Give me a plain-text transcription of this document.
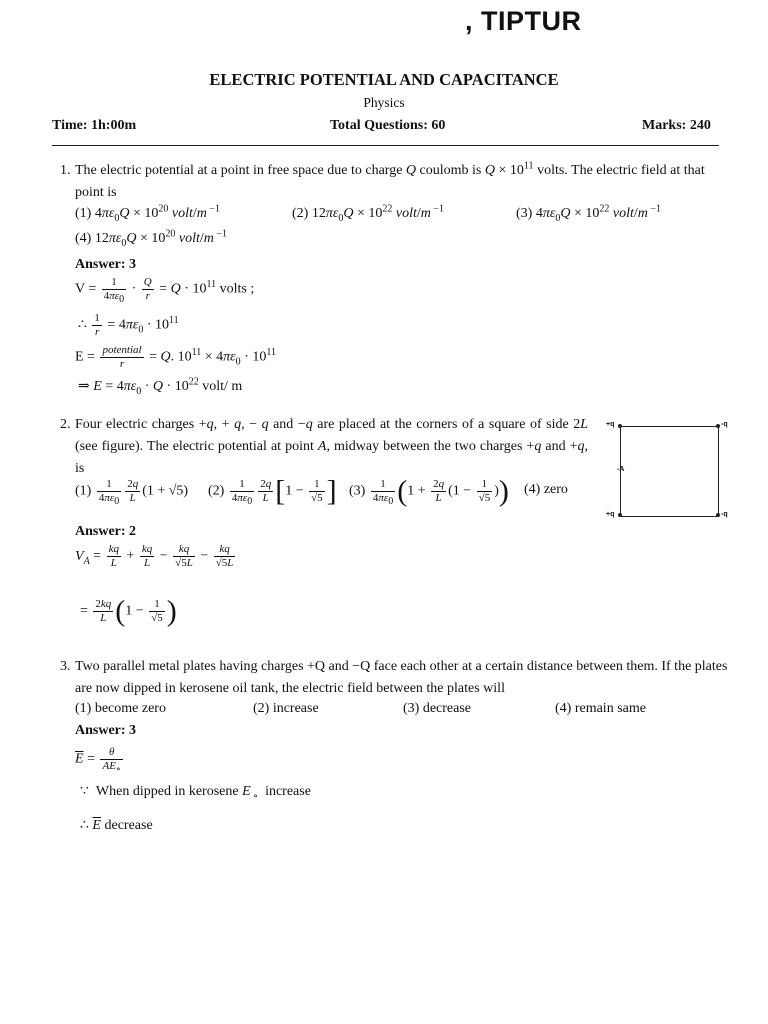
, TIPTUR
ELECTRIC POTENTIAL AND CAPACITANCE
Physics
Time: 1h:00m	Total Questions: 60	Marks: 240
1. The electric potential at a point in free space due to charge Q coulomb is $Q \times 10^{11}$ volts. The electric field at that point is
(1) $4\pi\varepsilon_0Q \times 10^{20}$ volt/m $^{-1}$	(2) $12\pi\varepsilon_0Q \times 10^{22}$ volt/m $^{-1}$	(3) $4\pi\varepsilon_0Q \times 10^{22}$ volt/m $^{-1}$
(4) $12\pi\varepsilon_0Q \times 10^{20}$ volt/m $^{-1}$
Answer: 3
$V = \frac{1}{4\pi\varepsilon_0} \cdot \frac{Q}{r} = Q \cdot 10^{11}$ volts ;
∴ $\frac{1}{r} = 4\pi\varepsilon_0 \cdot 10^{11}$
$E = \frac{\text{potential}}{r} = Q$. $10^{11} \times 4\pi\varepsilon_0 \cdot 10^{11}$
⇒ $E = 4\pi\varepsilon_0 \cdot Q \cdot 10^{22}$ volt/ m
2. Four electric charges +q, + q, − q and −q are placed at the corners of a square of side 2L (see figure). The electric potential at point A, midway between the two charges +q and +q, is
$(1) \frac{1}{4\pi\varepsilon_0} \frac{2q}{L} (1 + √5)$ $(2) \frac{1}{4\pi\varepsilon_0} \frac{2q}{L} [1 - \frac{1}{√5}$ ] $(3) \frac{1}{4\pi\varepsilon_0} (1 + \frac{2q}{L} (1 - \frac{1}{√5}$ )) (4) zero
+q	-q
+q	-q
-A
Answer: 2
$V_A = \frac{kq}{L} + \frac{kq}{L} - \frac{kq}{√5L} - \frac{kq}{√5L}$
= $\frac{2kq}{L} (1 - \frac{1}{√5}$ )
3. Two parallel metal plates having charges +Q and −Q face each other at a certain distance between them. If the plates are now dipped in kerosene oil tank, the electric field between the plates will
(1) become zero	(2) increase	(3) decrease	(4) remain same
Answer: 3
$\overline{E} = \frac{\theta}{AE_\circ}$
∵  When dipped in kerosene E $_\circ$ increase
∴ $\overline{E}$ decrease
